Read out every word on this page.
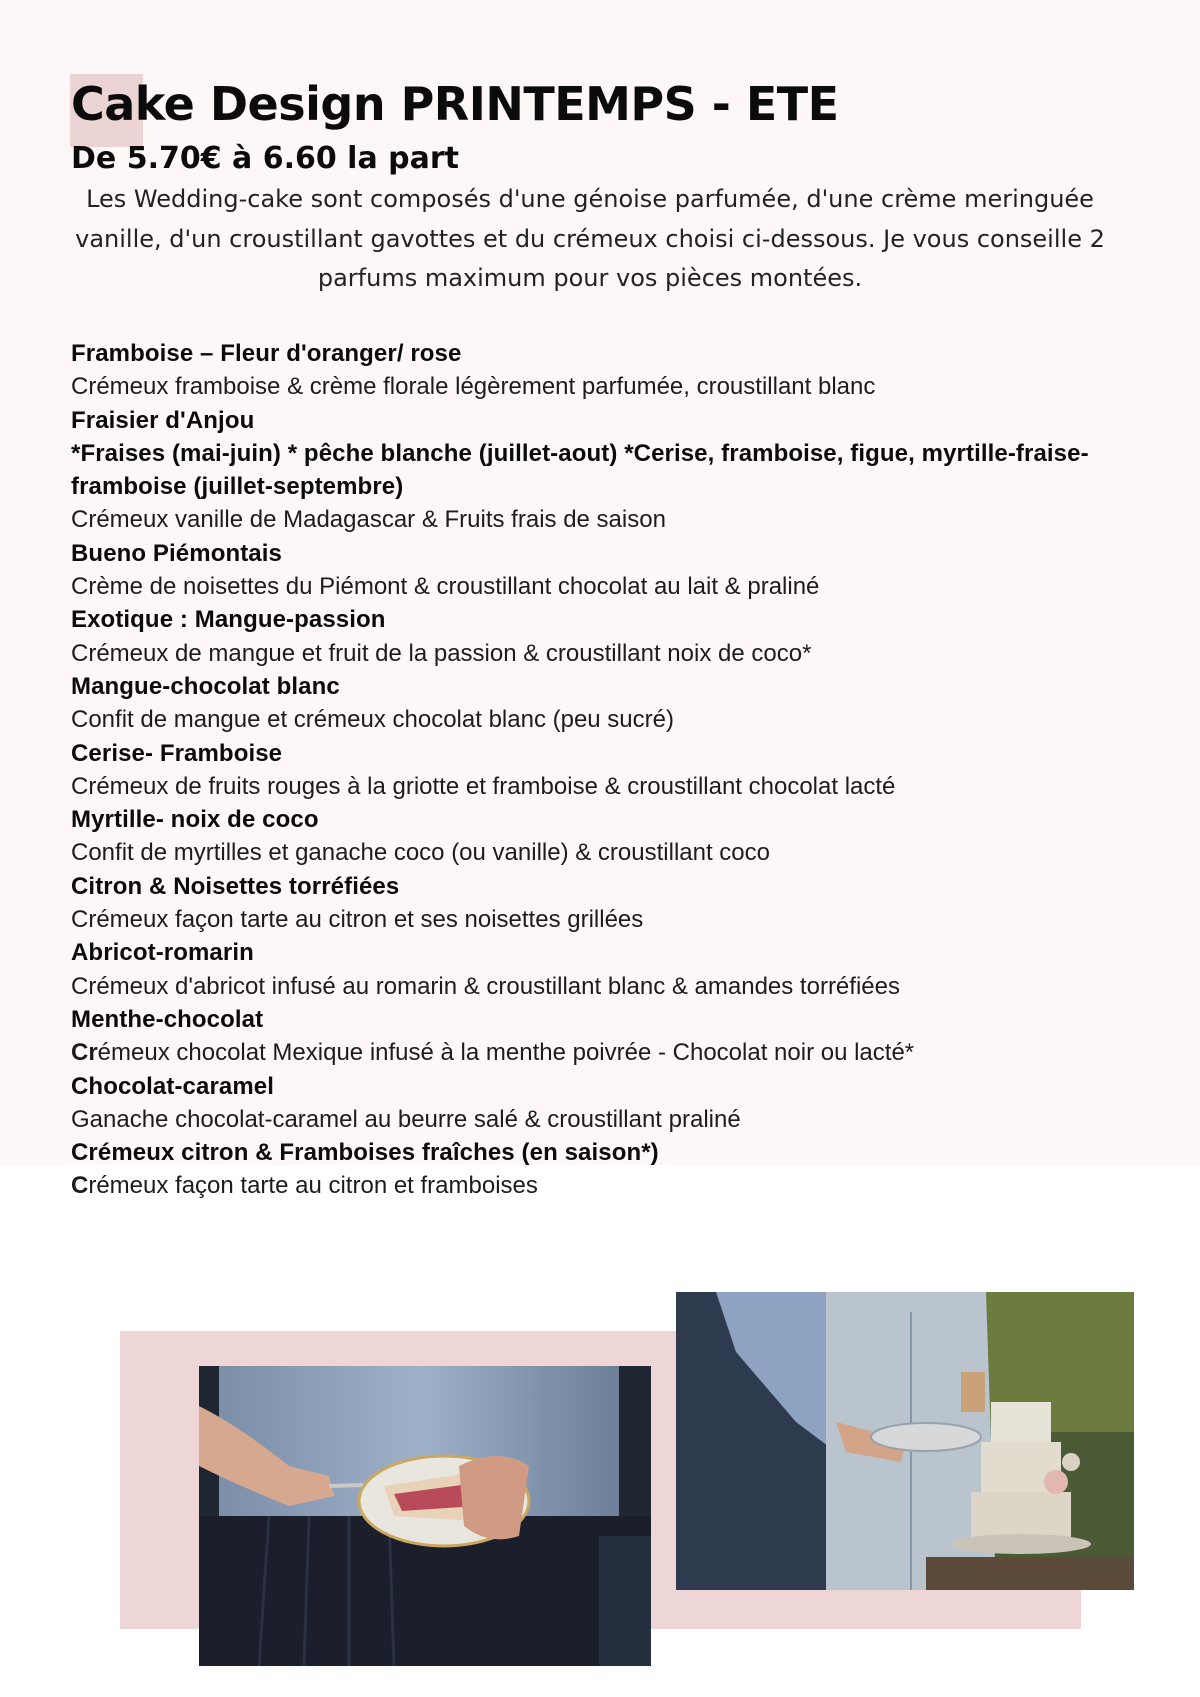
Cake Design PRINTEMPS - ETE
De 5.70€ à 6.60 la part

Les Wedding-cake sont composés d'une génoise parfumée, d'une crème meringuée vanille, d'un croustillant gavottes et du crémeux choisi ci-dessous. Je vous conseille 2 parfums maximum pour vos pièces montées.

Framboise – Fleur d'oranger/ rose

Crémeux framboise & crème florale légèrement parfumée, croustillant blanc

Fraisier d'Anjou

*Fraises (mai-juin) * pêche blanche (juillet-aout) *Cerise, framboise, figue, myrtille-fraise-framboise (juillet-septembre)

Crémeux vanille de Madagascar & Fruits frais de saison

Bueno Piémontais

Crème de noisettes du Piémont & croustillant chocolat au lait & praliné

Exotique : Mangue-passion

Crémeux de mangue et fruit de la passion & croustillant noix de coco*

Mangue-chocolat blanc

Confit de mangue et crémeux chocolat blanc (peu sucré)

Cerise- Framboise

Crémeux de fruits rouges à la griotte et framboise & croustillant chocolat lacté

Myrtille- noix de coco

Confit de myrtilles et ganache coco (ou vanille) & croustillant coco

Citron & Noisettes torréfiées

Crémeux façon tarte au citron et ses noisettes grillées

Abricot-romarin

Crémeux d'abricot infusé au romarin & croustillant blanc & amandes torréfiées

Menthe-chocolat

Crémeux chocolat Mexique infusé à la menthe poivrée - Chocolat noir ou lacté*

Chocolat-caramel

Ganache chocolat-caramel au beurre salé & croustillant praliné

Crémeux citron & Framboises fraîches (en saison*)

Crémeux façon tarte au citron et framboises
